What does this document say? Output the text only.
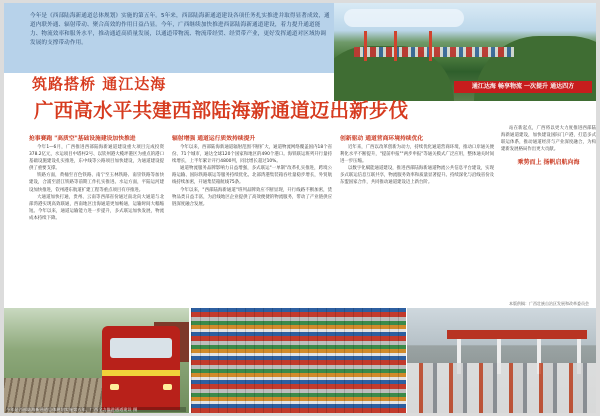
今年是《西部陆海新通道总体规划》实施的第五年。5年来，西部陆海新通道建设各项任务扎实推进并取得显著成效，通道内联外通、辐射带动、聚合高效的作用日益凸显。今年，广西继续加快推进西部陆海新通道建设，着力提升通道能力、物流效率和服务水平，推动通道高质量发展，以通道带物流、物流带经贸、经贸带产业，更好发挥通道对区域协调发展的支撑带动作用。
通江达海 畅享物流 一次提升 通达四方
筑路搭桥 通江达海
广西高水平共建西部陆海新通道迈出新步伐
抢事赛跑 "高质空"基础设施建设加快推进

今年1—6月，广西推进西部陆海新通道建设重大项目完成投资378.2亿元，水运项目中塔村2号、以钦州港大榄坪港区为重点的港口基础设施建设扎实推进，东中线等公路项目加快建设，为通道建设提供了重要支撑。

铁路方面，黄桶至百色铁路、南宁至玉林铁路、南崇铁路等加快建设，合浦至湛江铁路等前期工作扎实推进。水运方面，平陆运河建设加快推进，钦州港东航道扩建工程等重点项目有序推进。

大通道加快打通，贵州、云南等西部省份通过南北向大通道与北部湾港实现高效联通，西南地区出海通道更加畅通，运输时间大幅缩短。今年以来，通道运输能力进一步提升，多式联运加快发展，物流成本持续下降。

辐射增强 通道运行质效持续提升

今年以来，西部陆海新通道辐射范围不断扩大，通道物流网络覆盖国内18个省份、71个城市，通达全球120个国家和地区的490个港口。海铁联运班列开行量持续增长，上半年累计开行4800列，同比增长超过10%。

通道物流服务品牌影响力日益增强，多式联运"一单制"改革扎实推进，跨境公路运输、国际铁路联运等服务持续优化。北部湾港集装箱吞吐量稳步增长，外贸航线持续加密，开通集装箱航线75条。

今年以来，"西部陆海新通道"班列品牌效应不断显现，开行线路不断加密，货物品类日益丰富，为沿线地区企业提供了高效便捷的物流服务，带动了产业链供应链深度融合发展。

创新驱动 通道营商环境持续优化

近年来，广西以改革创新为动力，持续优化通道营商环境，推动口岸通关便利化水平不断提升，"提前申报""两步申报"等通关模式广泛应用，整体通关时间进一步压缩。

以数字化赋能通道建设，推进西部陆海新通道物流公共信息平台建设，实现多式联运信息互联共享，物流服务效率和质量显著提升。持续深化与沿线省份及东盟国家合作，共同推动通道建设迈上新台阶。

站在新起点，广西将以更大力度推进西部陆海新通道建设，加快建设国际门户港，打造多式联运体系，推动通道经济与产业深度融合，为构建新发展格局作出更大贡献。

乘势而上 扬帆启航向海
本版供稿：广西壮族自治区发展和改革委员会
今年是西部陆海新通道总体规划实施第五年，广西全力推进通道建设 摄
